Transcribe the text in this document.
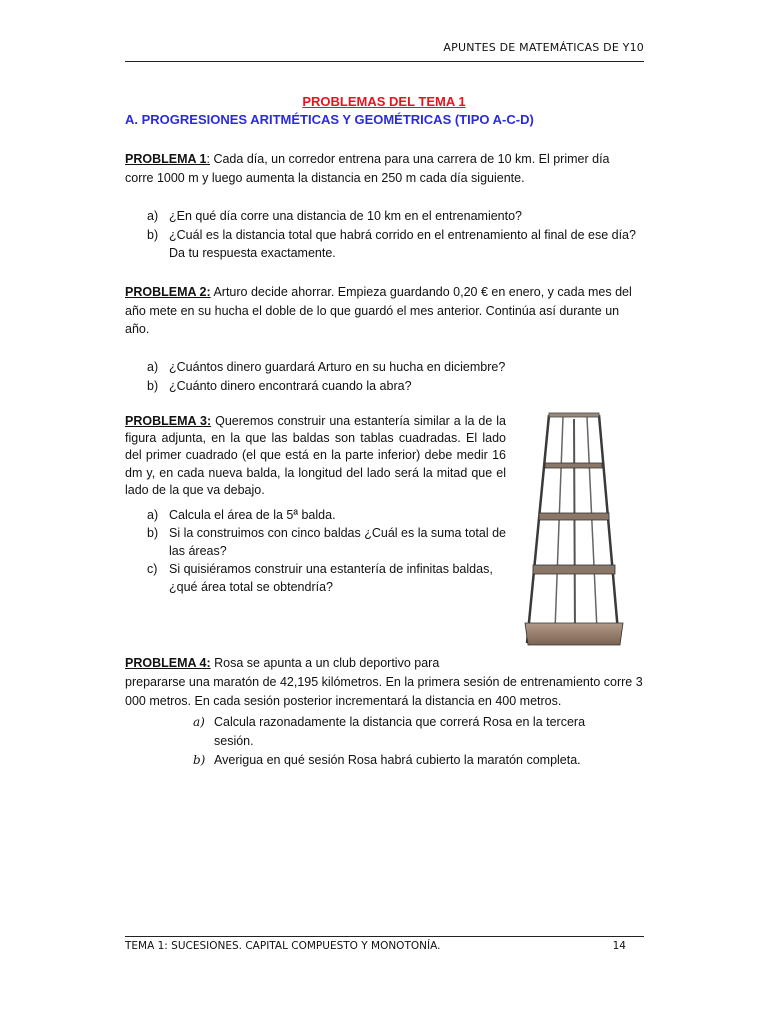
APUNTES DE MATEMÁTICAS DE Y10
PROBLEMAS DEL TEMA 1
A. PROGRESIONES ARITMÉTICAS Y GEOMÉTRICAS (TIPO A-C-D)
PROBLEMA 1: Cada día, un corredor entrena para una carrera de 10 km. El primer día corre 1000 m y luego aumenta la distancia en 250 m cada día siguiente.
a) ¿En qué día corre una distancia de 10 km en el entrenamiento?
b) ¿Cuál es la distancia total que habrá corrido en el entrenamiento al final de ese día? Da tu respuesta exactamente.
PROBLEMA 2: Arturo decide ahorrar. Empieza guardando 0,20 € en enero, y cada mes del año mete en su hucha el doble de lo que guardó el mes anterior. Continúa así durante un año.
a) ¿Cuántos dinero guardará Arturo en su hucha en diciembre?
b) ¿Cuánto dinero encontrará cuando la abra?
PROBLEMA 3: Queremos construir una estantería similar a la de la figura adjunta, en la que las baldas son tablas cuadradas. El lado del primer cuadrado (el que está en la parte inferior) debe medir 16 dm y, en cada nueva balda, la longitud del lado será la mitad que el lado de la que va debajo.
a) Calcula el área de la 5ª balda.
b) Si la construimos con cinco baldas ¿Cuál es la suma total de las áreas?
c) Si quisiéramos construir una estantería de infinitas baldas, ¿qué área total se obtendría?
PROBLEMA 4: Rosa se apunta a un club deportivo para
prepararse una maratón de 42,195 kilómetros. En la primera sesión de entrenamiento corre 3 000 metros. En cada sesión posterior incrementará la distancia en 400 metros.
a) Calcula razonadamente la distancia que correrá Rosa en la tercera sesión.
b) Averigua en qué sesión Rosa habrá cubierto la maratón completa.
TEMA 1: SUCESIONES. CAPITAL COMPUESTO Y MONOTONÍA.	14
